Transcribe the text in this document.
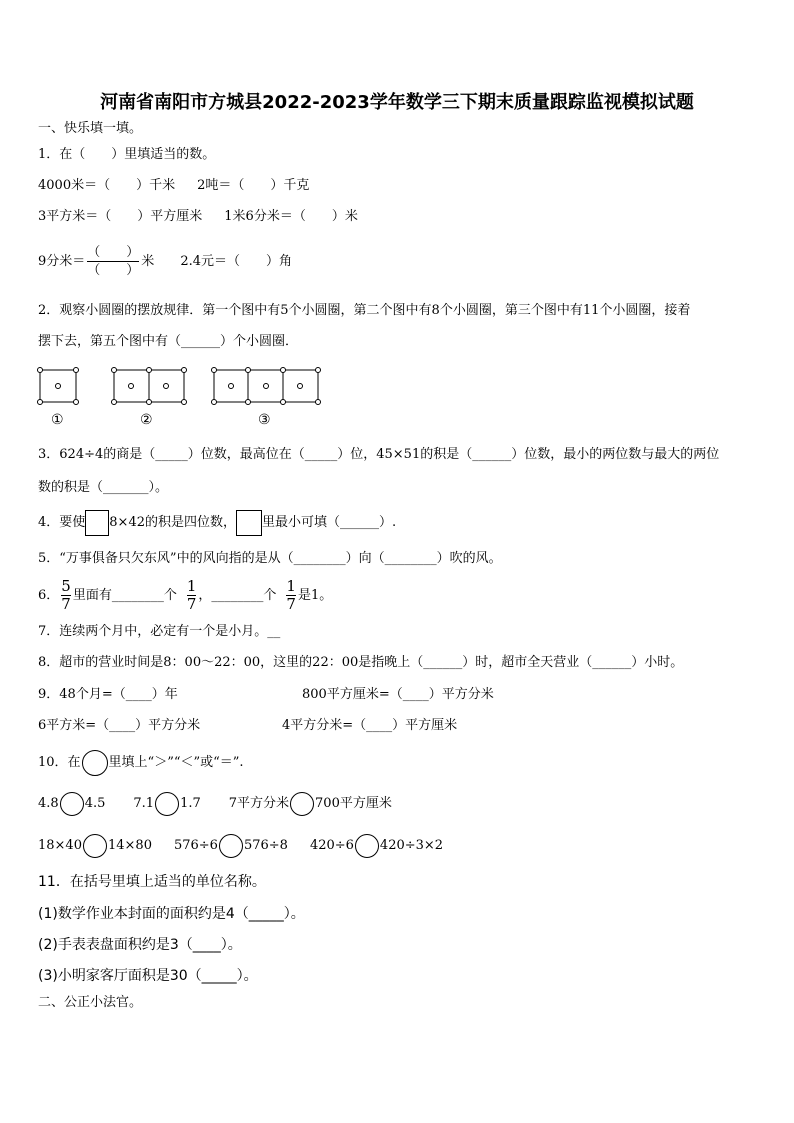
河南省南阳市方城县2022-2023学年数学三下期末质量跟踪监视模拟试题
一、快乐填一填。
1．在（　　）里填适当的数。
4000米＝（　　）千米 2吨＝（　　）千克
3平方米＝（　　）平方厘米 1米6分米＝（　　）米
9分米＝ $\frac{( )}{( )}$ 米 2.4元＝（　　）角
2．观察小圆圈的摆放规律．第一个图中有5个小圆圈，第二个图中有8个小圆圈，第三个图中有11个小圆圈，接着
摆下去，第五个图中有（______）个小圆圈．
①	②	③
3．624÷4的商是（_____）位数，最高位在（_____）位，45×51的积是（______）位数，最小的两位数与最大的两位
数的积是（_______）。
4．要使 8×42的积是四位数， 里最小可填（______）.
5．“万事俱备只欠东风”中的风向指的是从（________）向（________）吹的风。
6． $\frac{5}{7}$ 里面有________个 $\frac{1}{7}$ ，________个 $\frac{1}{7}$ 是1。
7．连续两个月中，必定有一个是小月。__
8．超市的营业时间是8：00～22：00，这里的22：00是指晚上（______）时，超市全天营业（______）小时。
9．48个月=（____）年	800平方厘米=（____）平方分米
6平方米=（____）平方分米	4平方分米=（____）平方厘米
10．在 里填上“＞”“＜”或“＝”.
4.8 4.5 7.1 1.7 7平方分米 700平方厘米
18×40 14×80 576÷6 576÷8 420÷6 420÷3×2
11．在括号里填上适当的单位名称。
(1)数学作业本封面的面积约是4（_____）。
(2)手表表盘面积约是3（____）。
(3)小明家客厅面积是30（_____）。
二、公正小法官。
